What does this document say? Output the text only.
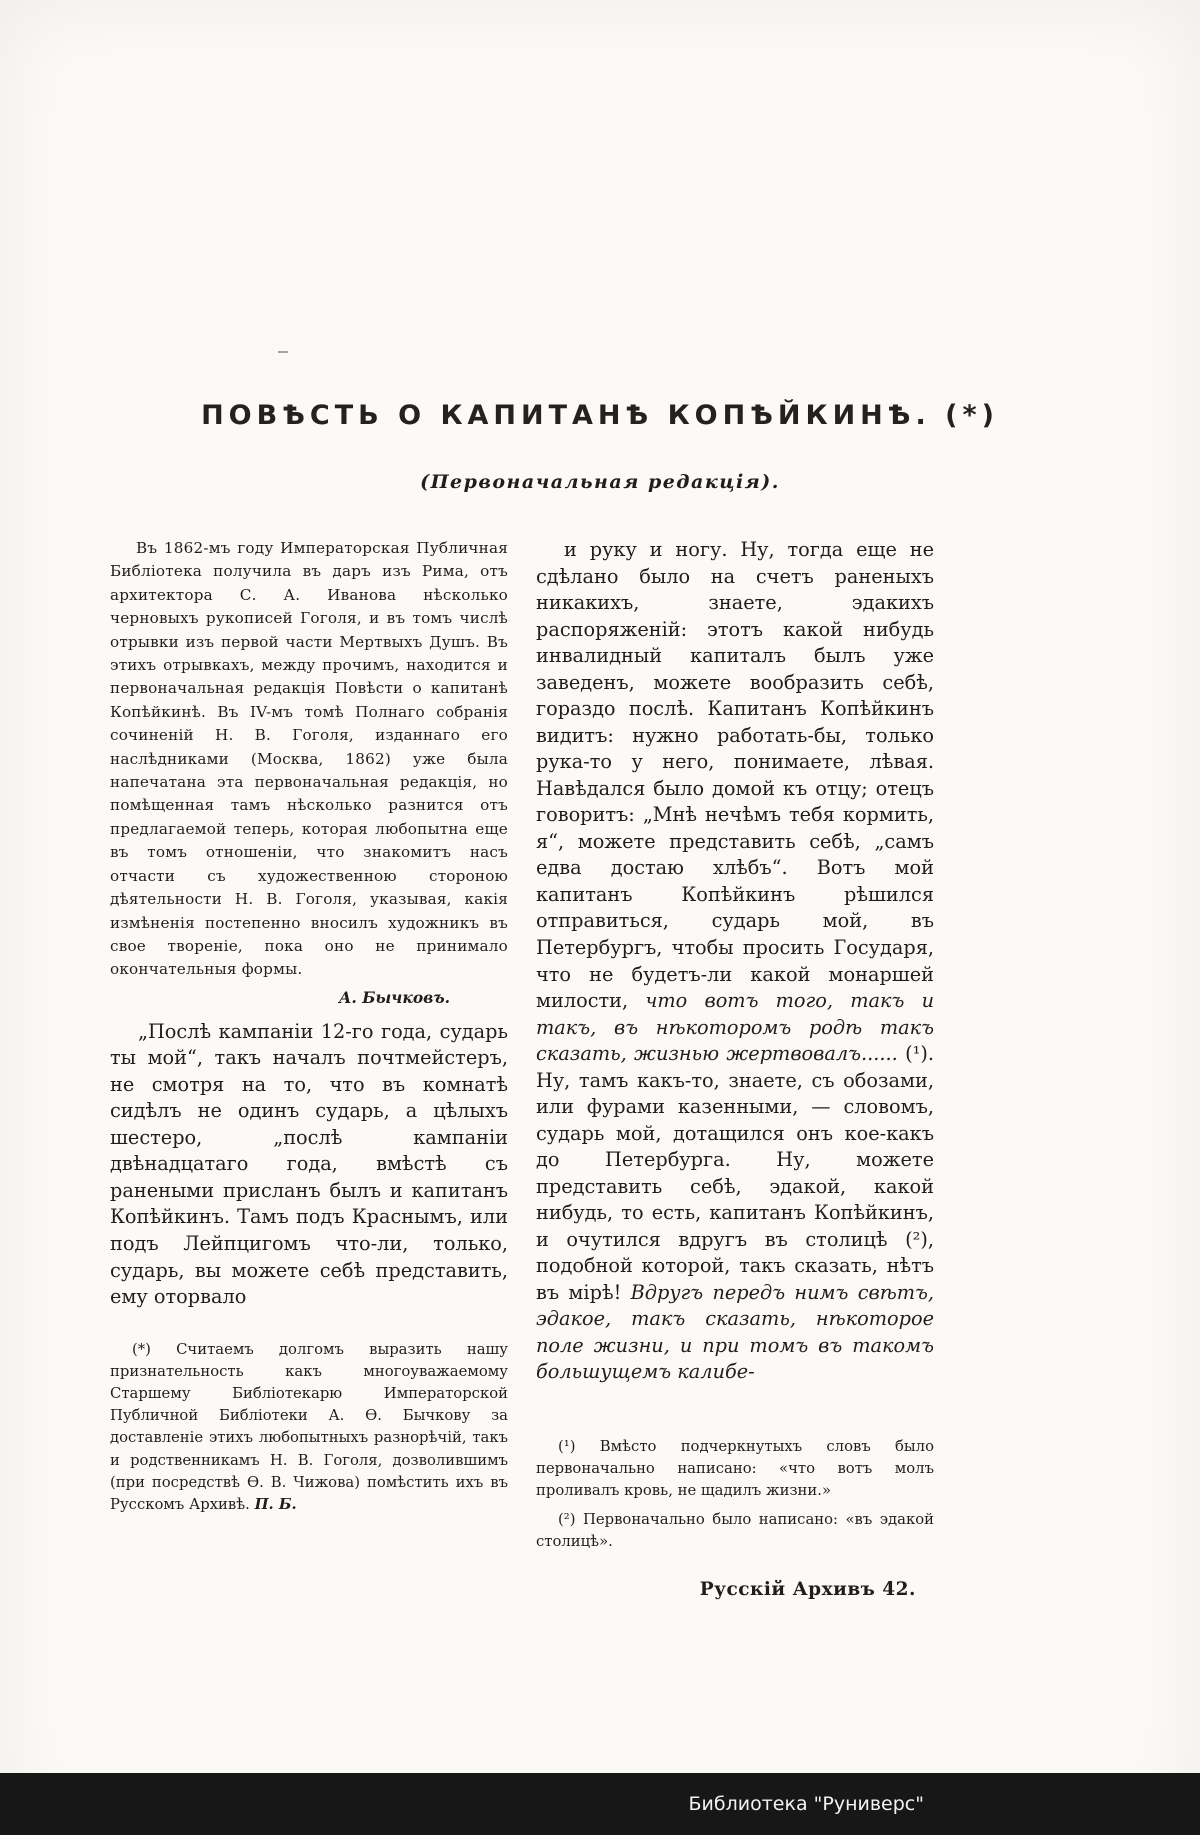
ПОВѢСТЬ О КАПИТАНѢ КОПѢЙКИНѢ. (*)
(Первоначальная редакція).

Въ 1862-мъ году Императорская Публичная Библіотека получила въ даръ изъ Рима, отъ архитектора С. А. Иванова нѣсколько черновыхъ рукописей Гоголя, и въ томъ числѣ отрывки изъ первой части Мертвыхъ Душъ. Въ этихъ отрывкахъ, между прочимъ, находится и первоначальная редакція Повѣсти о капитанѣ Копѣйкинѣ. Въ IV-мъ томѣ Полнаго собранія сочиненій Н. В. Гоголя, изданнаго его наслѣдниками (Москва, 1862) уже была напечатана эта первоначальная редакція, но помѣщенная тамъ нѣсколько разнится отъ предлагаемой теперь, которая любопытна еще въ томъ отношеніи, что знакомитъ насъ отчасти съ художественною стороною дѣятельности Н. В. Гоголя, указывая, какія измѣненія постепенно вносилъ художникъ въ свое твореніе, пока оно не принимало окончательныя формы.

А. Бычковъ.

„Послѣ кампаніи 12-го года, сударь ты мой“, такъ началъ почтмейстеръ, не смотря на то, что въ комнатѣ сидѣлъ не одинъ сударь, а цѣлыхъ шестеро, „послѣ кампаніи двѣнадцатаго года, вмѣстѣ съ ранеными присланъ былъ и капитанъ Копѣйкинъ. Тамъ подъ Краснымъ, или подъ Лейпцигомъ что-ли, только, сударь, вы можете себѣ представить, ему оторвало

(*) Считаемъ долгомъ выразить нашу признательность какъ многоуважаемому Старшему Библіотекарю Императорской Публичной Библіотеки А. Ѳ. Бычкову за доставленіе этихъ любопытныхъ разнорѣчій, такъ и родственникамъ Н. В. Гоголя, дозволившимъ (при посредствѣ Ѳ. В. Чижова) помѣстить ихъ въ Русскомъ Архивѣ. П. Б.

и руку и ногу. Ну, тогда еще не сдѣлано было на счетъ раненыхъ никакихъ, знаете, эдакихъ распоряженій: этотъ какой нибудь инвалидный капиталъ былъ уже заведенъ, можете вообразить себѣ, гораздо послѣ. Капитанъ Копѣйкинъ видитъ: нужно работать-бы, только рука-то у него, понимаете, лѣвая. Навѣдался было домой къ отцу; отецъ говоритъ: „Мнѣ нечѣмъ тебя кормить, я“, можете представить себѣ, „самъ едва достаю хлѣбъ“. Вотъ мой капитанъ Копѣйкинъ рѣшился отправиться, сударь мой, въ Петербургъ, чтобы просить Государя, что не будетъ-ли какой монаршей милости, что вотъ того, такъ и такъ, въ нѣкоторомъ родѣ такъ сказать, жизнью жертвовалъ...... (¹). Ну, тамъ какъ-то, знаете, съ обозами, или фурами казенными, — словомъ, сударь мой, дотащился онъ кое-какъ до Петербурга. Ну, можете представить себѣ, эдакой, какой нибудь, то есть, капитанъ Копѣйкинъ, и очутился вдругъ въ столицѣ (²), подобной которой, такъ сказать, нѣтъ въ мірѣ! Вдругъ передъ нимъ свѣтъ, эдакое, такъ сказать, нѣкоторое поле жизни, и при томъ въ такомъ большущемъ калибе-

(¹) Вмѣсто подчеркнутыхъ словъ было первоначально написано: «что вотъ молъ проливалъ кровь, не щадилъ жизни.»

(²) Первоначально было написано: «въ эдакой столицѣ».

Русскій Архивъ 42.
Библиотека "Руниверс"
